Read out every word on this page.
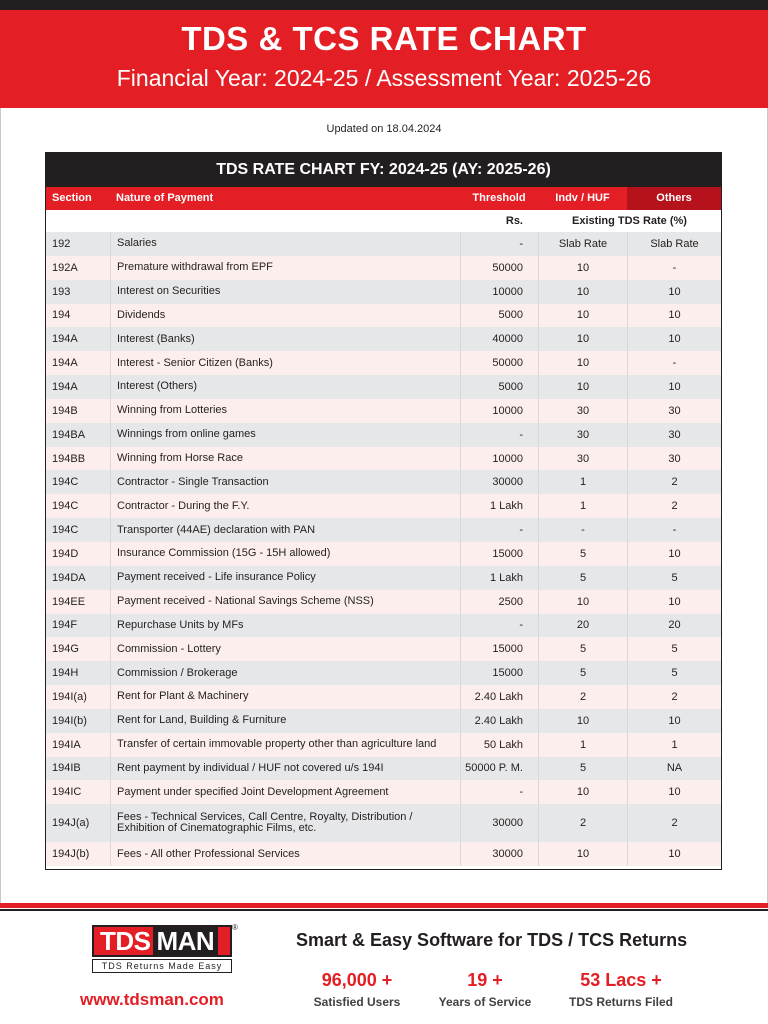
TDS & TCS RATE CHART
Financial Year: 2024-25 / Assessment Year: 2025-26
Updated on 18.04.2024
TDS RATE CHART FY: 2024-25 (AY: 2025-26)
Section	Nature of Payment	Threshold	Indv / HUF	Others
Rs.	Existing TDS Rate (%)
192	Salaries	-	Slab Rate	Slab Rate
192A	Premature withdrawal from EPF	50000	10	-
193	Interest on Securities	10000	10	10
194	Dividends	5000	10	10
194A	Interest (Banks)	40000	10	10
194A	Interest - Senior Citizen (Banks)	50000	10	-
194A	Interest (Others)	5000	10	10
194B	Winning from Lotteries	10000	30	30
194BA	Winnings from online games	-	30	30
194BB	Winning from Horse Race	10000	30	30
194C	Contractor - Single Transaction	30000	1	2
194C	Contractor - During the F.Y.	1 Lakh	1	2
194C	Transporter (44AE) declaration with PAN	-	-	-
194D	Insurance Commission (15G - 15H allowed)	15000	5	10
194DA	Payment received - Life insurance Policy	1 Lakh	5	5
194EE	Payment received - National Savings Scheme (NSS)	2500	10	10
194F	Repurchase Units by MFs	-	20	20
194G	Commission - Lottery	15000	5	5
194H	Commission / Brokerage	15000	5	5
194I(a)	Rent for Plant & Machinery	2.40 Lakh	2	2
194I(b)	Rent for Land, Building & Furniture	2.40 Lakh	10	10
194IA	Transfer of certain immovable property other than agriculture land	50 Lakh	1	1
194IB	Rent payment by individual / HUF not covered u/s 194I	50000 P. M.	5	NA
194IC	Payment under specified Joint Development Agreement	-	10	10
194J(a)	Fees - Technical Services, Call Centre, Royalty, Distribution / Exhibition of Cinematographic Films, etc.	30000	2	2
194J(b)	Fees - All other Professional Services	30000	10	10
TDS MAN	®
TDS Returns Made Easy
www.tdsman.com
Smart & Easy Software for TDS / TCS Returns
96,000 +
Satisfied Users
19 +
Years of Service
53 Lacs +
TDS Returns Filed
